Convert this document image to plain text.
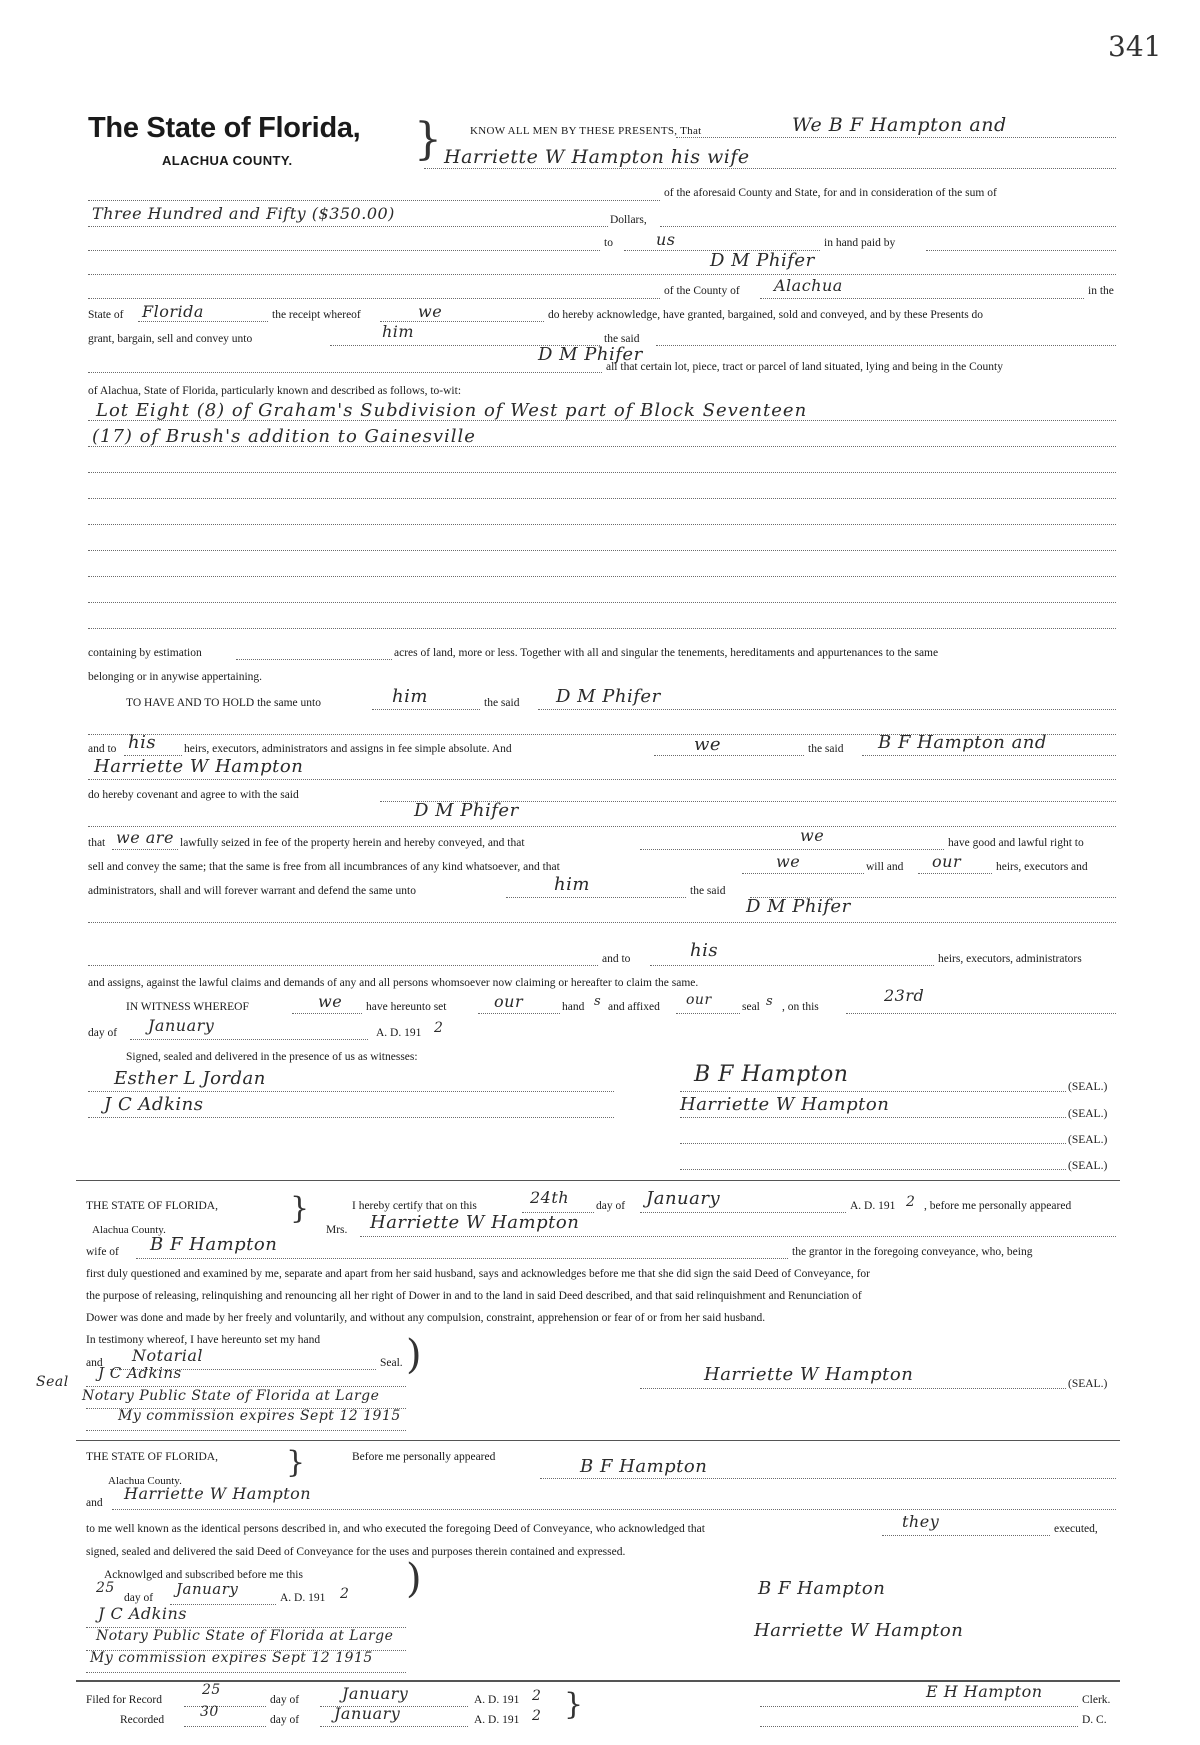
341
The State of Florida,
ALACHUA COUNTY.	}	KNOW ALL MEN BY THESE PRESENTS, That	We B F Hampton and
Harriette W Hampton his wife
of the aforesaid County and State, for and in consideration of the sum of
Three Hundred and Fifty ($350.00)	Dollars,
to	us	in hand paid by
D M Phifer
of the County of Alachua	in the
State of Florida	the receipt whereof	we	do hereby acknowledge, have granted, bargained, sold and conveyed, and by these Presents do
grant, bargain, sell and convey unto	him	the said
D M Phifer
all that certain lot, piece, tract or parcel of land situated, lying and being in the County
of Alachua, State of Florida, particularly known and described as follows, to-wit:
Lot Eight (8) of Graham's Subdivision of West part of Block Seventeen
(17) of Brush's addition to Gainesville
containing by estimation	acres of land, more or less. Together with all and singular the tenements, hereditaments and appurtenances to the same
belonging or in anywise appertaining.
TO HAVE AND TO HOLD the same unto	him	the said D M Phifer
and to his heirs, executors, administrators and assigns in fee simple absolute. And	we	the said B F Hampton and
Harriette W Hampton
do hereby covenant and agree to with the said
D M Phifer
that we are lawfully seized in fee of the property herein and hereby conveyed, and that	we	have good and lawful right to
sell and convey the same; that the same is free from all incumbrances of any kind whatsoever, and that	we	will and our	heirs, executors and
administrators, shall and will forever warrant and defend the same unto	him	the said
D M Phifer
and to	his	heirs, executors, administrators
and assigns, against the lawful claims and demands of any and all persons whomsoever now claiming or hereafter to claim the same.
IN WITNESS WHEREOF	we have hereunto set	our	hand s and affixed our	seal s , on this
23rd
day of January	A. D. 191 2
Signed, sealed and delivered in the presence of us as witnesses:
Esther L Jordan
J C Adkins
B F Hampton	(SEAL.)
Harriette W Hampton	(SEAL.)
(SEAL.)
(SEAL.)
THE STATE OF FLORIDA, }
Alachua County.
I hereby certify that on this	24th day of January	A. D. 191 2 , before me personally appeared
Mrs. Harriette W Hampton
wife of B F Hampton	the grantor in the foregoing conveyance, who, being
first duly questioned and examined by me, separate and apart from her said husband, says and acknowledges before me that she did sign the said Deed of Conveyance, for
the purpose of releasing, relinquishing and renouncing all her right of Dower in and to the land in said Deed described, and that said relinquishment and Renunciation of
Dower was done and made by her freely and voluntarily, and without any compulsion, constraint, apprehension or fear of or from her said husband.
In testimony whereof, I have hereunto set my hand
and Notarial	Seal. )
Seal J C Adkins
Notary Public State of Florida at Large
My commission expires Sept 12 1915
Harriette W Hampton	(SEAL.)
THE STATE OF FLORIDA, }
Alachua County.
Before me personally appeared	B F Hampton
and Harriette W Hampton
to me well known as the identical persons described in, and who executed the foregoing Deed of Conveyance, who acknowledged that	they	executed,
signed, sealed and delivered the said Deed of Conveyance for the uses and purposes therein contained and expressed.
Acknowlged and subscribed before me this	)
25
day of January	A. D. 191 2
J C Adkins
Notary Public State of Florida at Large
My commission expires Sept 12 1915
B F Hampton
Harriette W Hampton
Filed for Record
25
day of	January	A. D. 191 2 }
Recorded	30	day of January	A. D. 191 2
E H Hampton	Clerk.
D. C.
